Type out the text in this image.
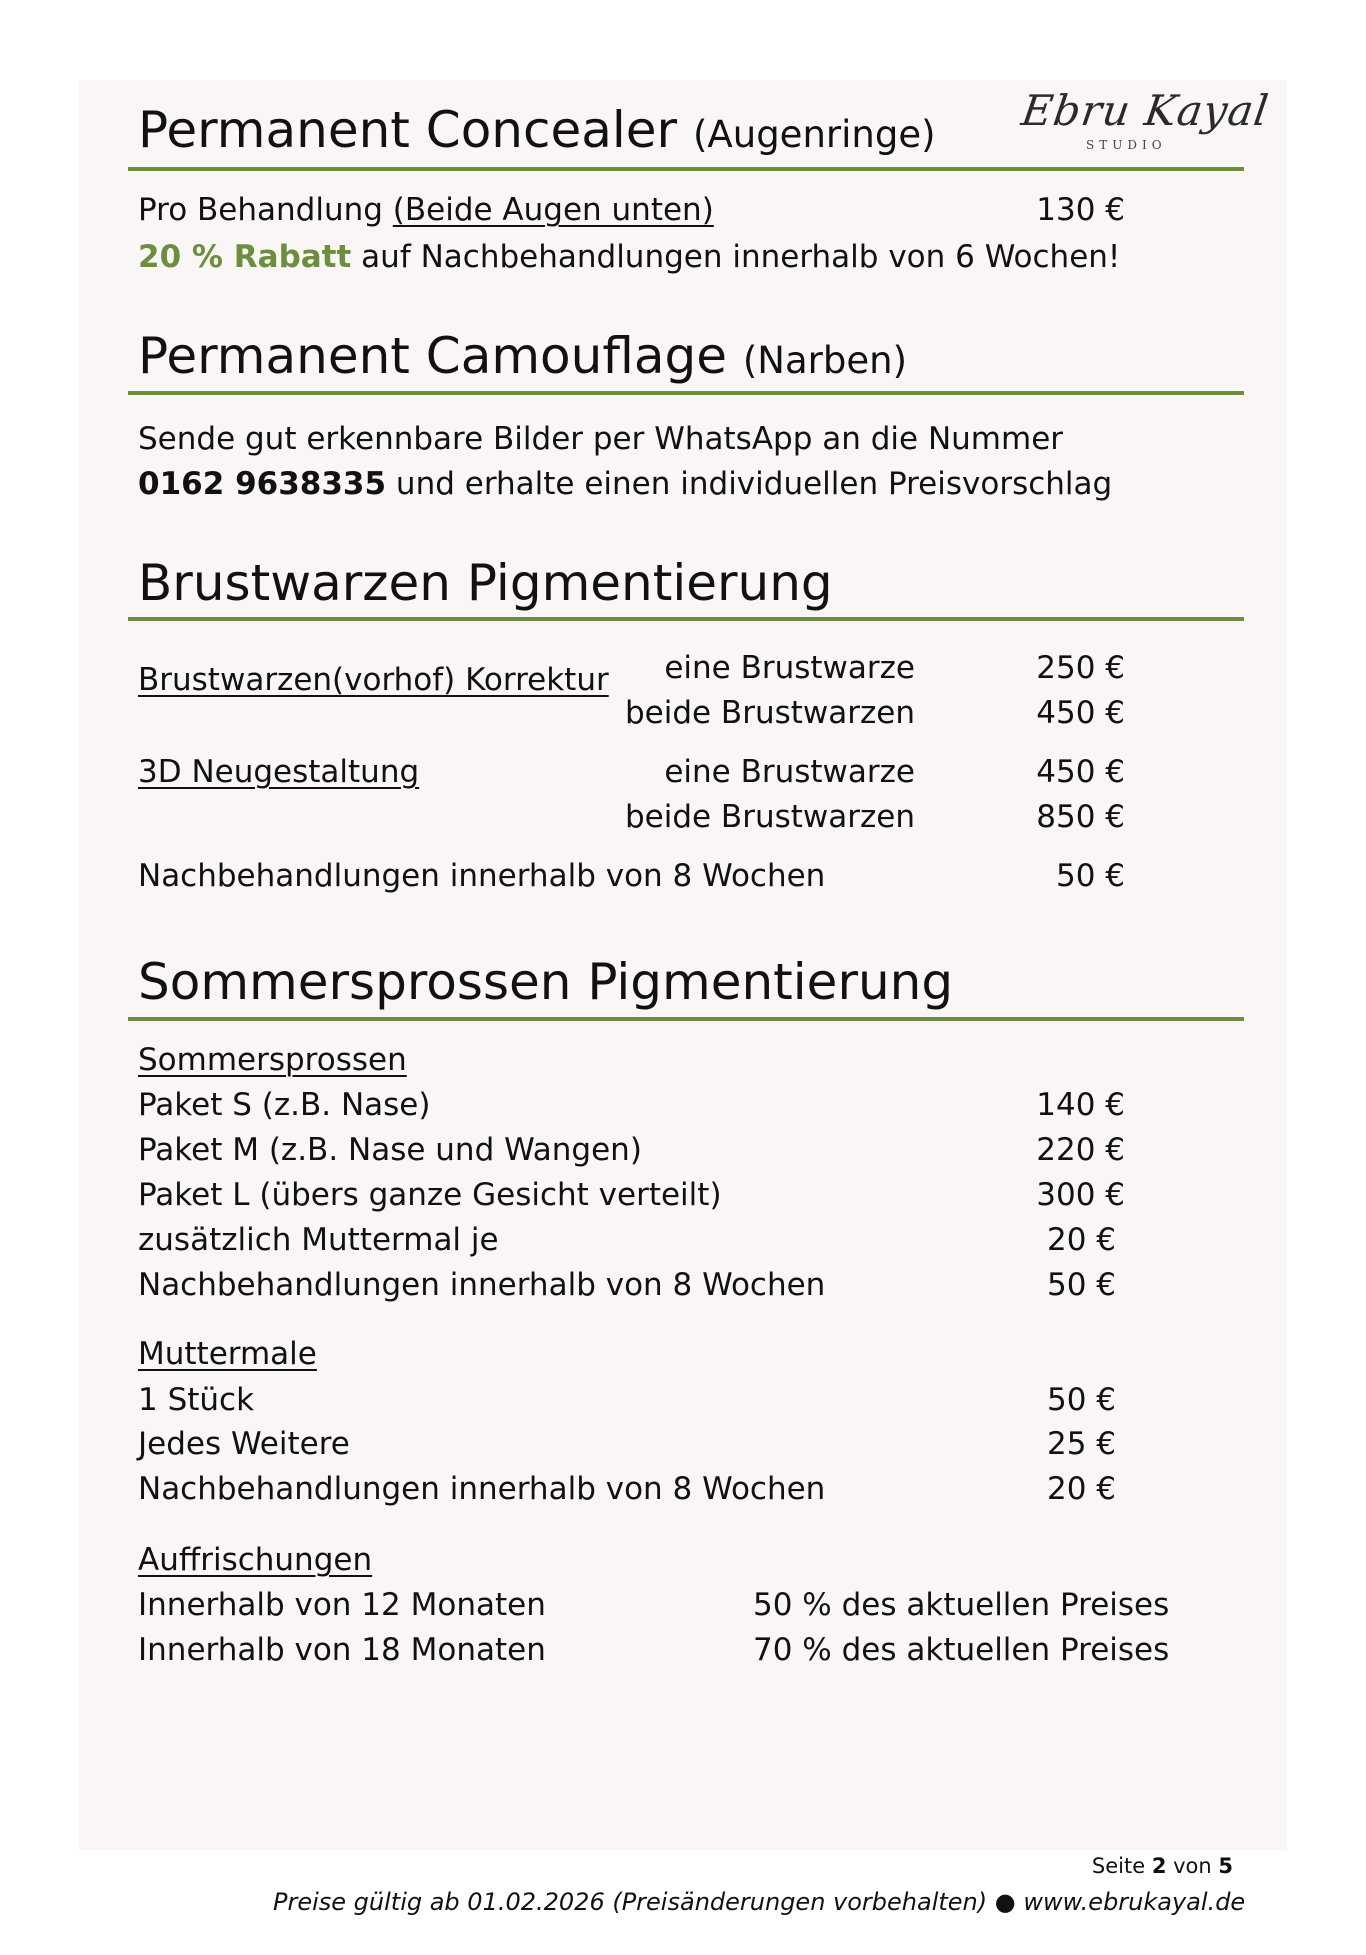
Ebru Kayal
STUDIO
Permanent Concealer (Augenringe)
Pro Behandlung (Beide Augen unten)	130 €
20 % Rabatt auf Nachbehandlungen innerhalb von 6 Wochen!
Permanent Camouflage (Narben)
Sende gut erkennbare Bilder per WhatsApp an die Nummer
0162 9638335 und erhalte einen individuellen Preisvorschlag
Brustwarzen Pigmentierung
Brustwarzen(vorhof) Korrektur	eine Brustwarze	250 €
beide Brustwarzen	450 €
3D Neugestaltung	eine Brustwarze	450 €
beide Brustwarzen	850 €
Nachbehandlungen innerhalb von 8 Wochen	50 €
Sommersprossen Pigmentierung
Sommersprossen
Paket S (z.B. Nase)	140 €
Paket M (z.B. Nase und Wangen)	220 €
Paket L (übers ganze Gesicht verteilt)	300 €
zusätzlich Muttermal je	20 €
Nachbehandlungen innerhalb von 8 Wochen	50 €
Muttermale
1 Stück	50 €
Jedes Weitere	25 €
Nachbehandlungen innerhalb von 8 Wochen	20 €
Auffrischungen
Innerhalb von 12 Monaten	50 % des aktuellen Preises
Innerhalb von 18 Monaten	70 % des aktuellen Preises
Seite 2 von 5
Preise gültig ab 01.02.2026 (Preisänderungen vorbehalten) ● www.ebrukayal.de
